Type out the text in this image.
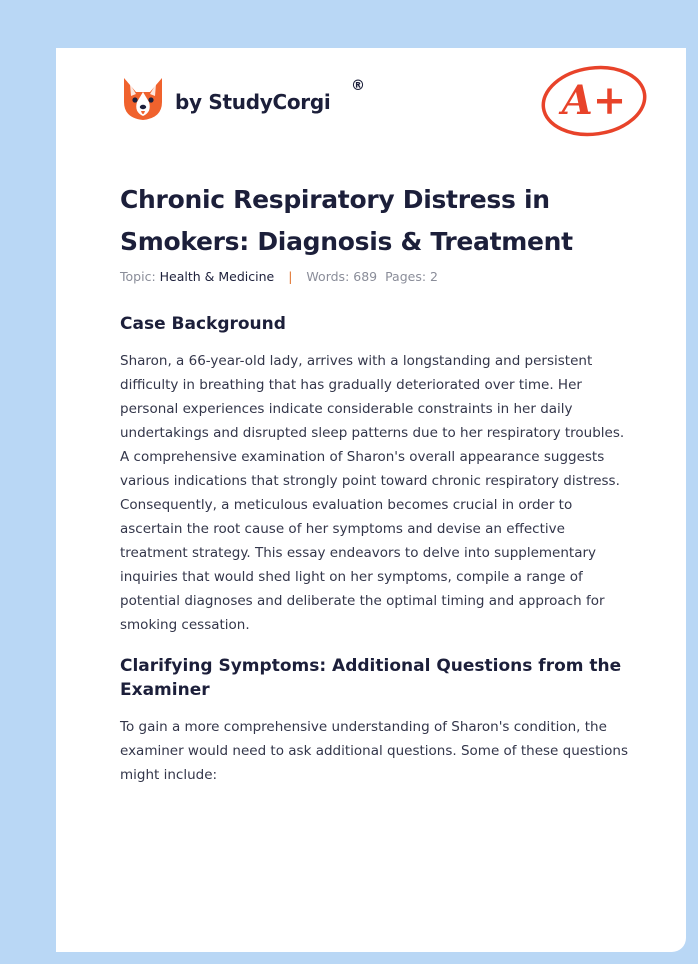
by StudyCorgi
®	A+
Chronic Respiratory Distress in Smokers: Diagnosis & Treatment
Topic: Health & Medicine | Words: 689 Pages: 2
Case Background

Sharon, a 66-year-old lady, arrives with a longstanding and persistent difficulty in breathing that has gradually deteriorated over time. Her personal experiences indicate considerable constraints in her daily undertakings and disrupted sleep patterns due to her respiratory troubles. A comprehensive examination of Sharon's overall appearance suggests various indications that strongly point toward chronic respiratory distress. Consequently, a meticulous evaluation becomes crucial in order to ascertain the root cause of her symptoms and devise an effective treatment strategy. This essay endeavors to delve into supplementary inquiries that would shed light on her symptoms, compile a range of potential diagnoses and deliberate the optimal timing and approach for smoking cessation.

Clarifying Symptoms: Additional Questions from the Examiner

To gain a more comprehensive understanding of Sharon's condition, the examiner would need to ask additional questions. Some of these questions might include:
